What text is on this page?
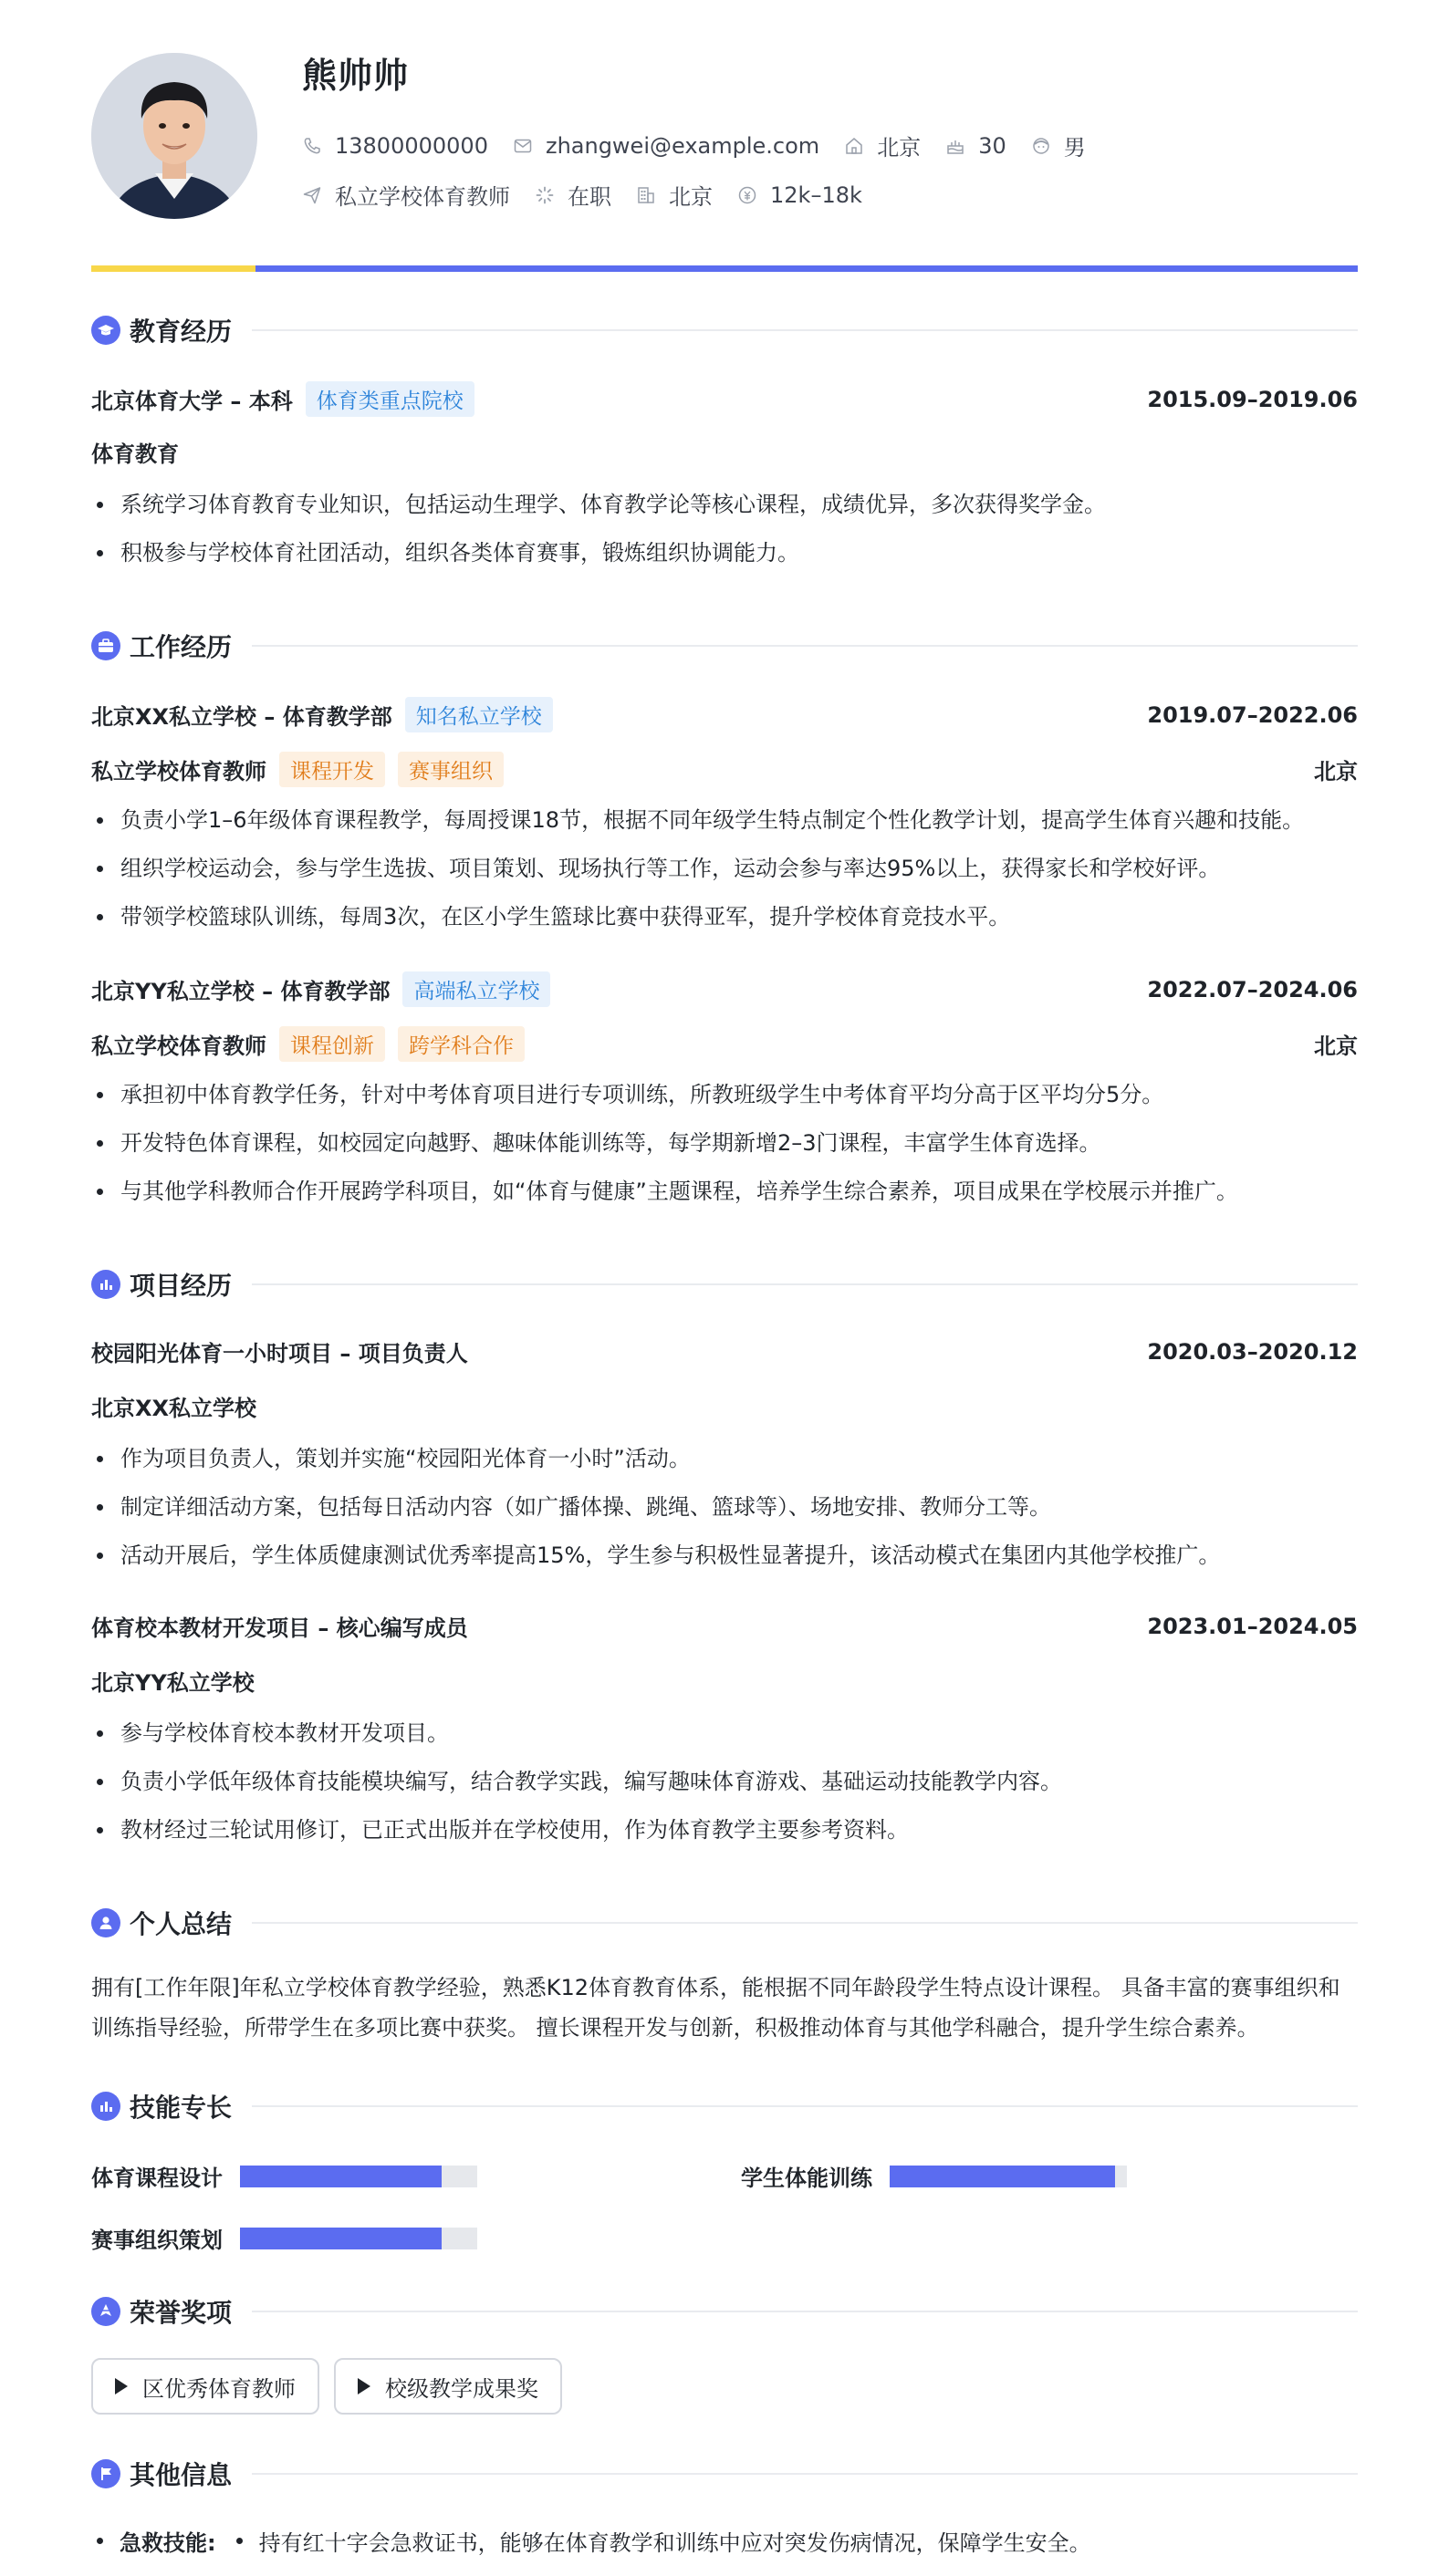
熊帅帅
13800000000	zhangwei@example.com	北京	30	男
私立学校体育教师	在职	北京	12k–18k
教育经历
北京体育大学 – 本科	体育类重点院校	2015.09–2019.06
体育教育
系统学习体育教育专业知识，包括运动生理学、体育教学论等核心课程，成绩优异，多次获得奖学金。
积极参与学校体育社团活动，组织各类体育赛事，锻炼组织协调能力。
工作经历
北京XX私立学校 – 体育教学部	知名私立学校	2019.07–2022.06
私立学校体育教师	课程开发	赛事组织	北京
负责小学1–6年级体育课程教学，每周授课18节，根据不同年级学生特点制定个性化教学计划，提高学生体育兴趣和技能。
组织学校运动会，参与学生选拔、项目策划、现场执行等工作，运动会参与率达95%以上，获得家长和学校好评。
带领学校篮球队训练，每周3次，在区小学生篮球比赛中获得亚军，提升学校体育竞技水平。
北京YY私立学校 – 体育教学部	高端私立学校	2022.07–2024.06
私立学校体育教师	课程创新	跨学科合作	北京
承担初中体育教学任务，针对中考体育项目进行专项训练，所教班级学生中考体育平均分高于区平均分5分。
开发特色体育课程，如校园定向越野、趣味体能训练等，每学期新增2–3门课程，丰富学生体育选择。
与其他学科教师合作开展跨学科项目，如“体育与健康”主题课程，培养学生综合素养，项目成果在学校展示并推广。
项目经历
校园阳光体育一小时项目 – 项目负责人	2020.03–2020.12
北京XX私立学校
作为项目负责人，策划并实施“校园阳光体育一小时”活动。
制定详细活动方案，包括每日活动内容（如广播体操、跳绳、篮球等）、场地安排、教师分工等。
活动开展后，学生体质健康测试优秀率提高15%，学生参与积极性显著提升，该活动模式在集团内其他学校推广。
体育校本教材开发项目 – 核心编写成员	2023.01–2024.05
北京YY私立学校
参与学校体育校本教材开发项目。
负责小学低年级体育技能模块编写，结合教学实践，编写趣味体育游戏、基础运动技能教学内容。
教材经过三轮试用修订，已正式出版并在学校使用，作为体育教学主要参考资料。
个人总结

拥有[工作年限]年私立学校体育教学经验，熟悉K12体育教育体系，能根据不同年龄段学生特点设计课程。 具备丰富的赛事组织和训练指导经验，所带学生在多项比赛中获奖。 擅长课程开发与创新，积极推动体育与其他学科融合，提升学生综合素养。

技能专长
体育课程设计	学生体能训练
赛事组织策划
荣誉奖项
区优秀体育教师	校级教学成果奖
其他信息
急救技能: 持有红十字会急救证书，能够在体育教学和训练中应对突发伤病情况，保障学生安全。
